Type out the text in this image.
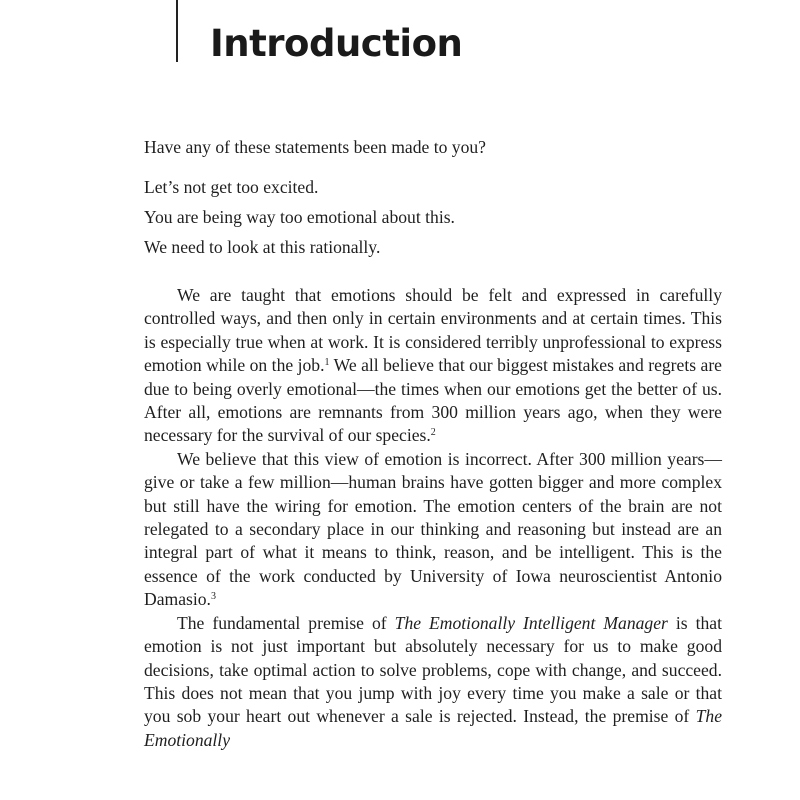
Introduction
Have any of these statements been made to you?
Let’s not get too excited.
You are being way too emotional about this.
We need to look at this rationally.

We are taught that emotions should be felt and expressed in carefully controlled ways, and then only in certain environments and at certain times. This is especially true when at work. It is considered terribly unprofessional to express emotion while on the job.$^1$ We all believe that our biggest mistakes and regrets are due to being overly emotional—the times when our emotions get the better of us. After all, emotions are remnants from 300 million years ago, when they were necessary for the survival of our species.$^2$

We believe that this view of emotion is incorrect. After 300 million years—give or take a few million—human brains have gotten bigger and more complex but still have the wiring for emotion. The emotion centers of the brain are not relegated to a secondary place in our thinking and reasoning but instead are an integral part of what it means to think, reason, and be intelligent. This is the essence of the work conducted by University of Iowa neuroscientist Antonio Damasio.$^3$

The fundamental premise of The Emotionally Intelligent Manager is that emotion is not just important but absolutely necessary for us to make good decisions, take optimal action to solve problems, cope with change, and succeed. This does not mean that you jump with joy every time you make a sale or that you sob your heart out whenever a sale is rejected. Instead, the premise of The Emotionally
